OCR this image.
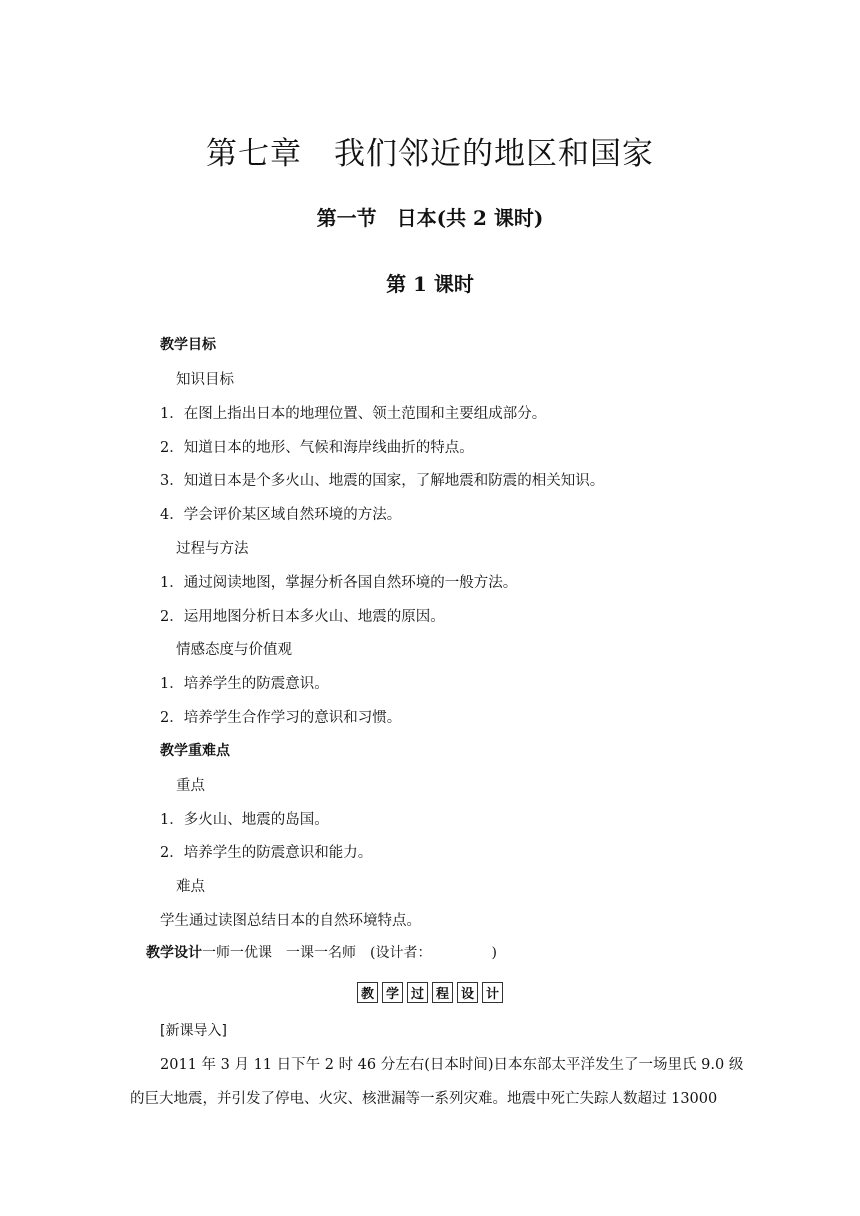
第七章　我们邻近的地区和国家
第一节　日本(共 2 课时)
第 1 课时
教学目标
知识目标
1．在图上指出日本的地理位置、领土范围和主要组成部分。
2．知道日本的地形、气候和海岸线曲折的特点。
3．知道日本是个多火山、地震的国家，了解地震和防震的相关知识。
4．学会评价某区域自然环境的方法。
过程与方法
1．通过阅读地图，掌握分析各国自然环境的一般方法。
2．运用地图分析日本多火山、地震的原因。
情感态度与价值观
1．培养学生的防震意识。
2．培养学生合作学习的意识和习惯。
教学重难点
重点
1．多火山、地震的岛国。
2．培养学生的防震意识和能力。
难点
学生通过读图总结日本的自然环境特点。
教学设计一师一优课　一课一名师　(设计者：	)
教 学 过 程 设 计
[新课导入]
2011 年 3 月 11 日下午 2 时 46 分左右(日本时间)日本东部太平洋发生了一场里氏 9.0 级
的巨大地震，并引发了停电、火灾、核泄漏等一系列灾难。地震中死亡失踪人数超过 13000
